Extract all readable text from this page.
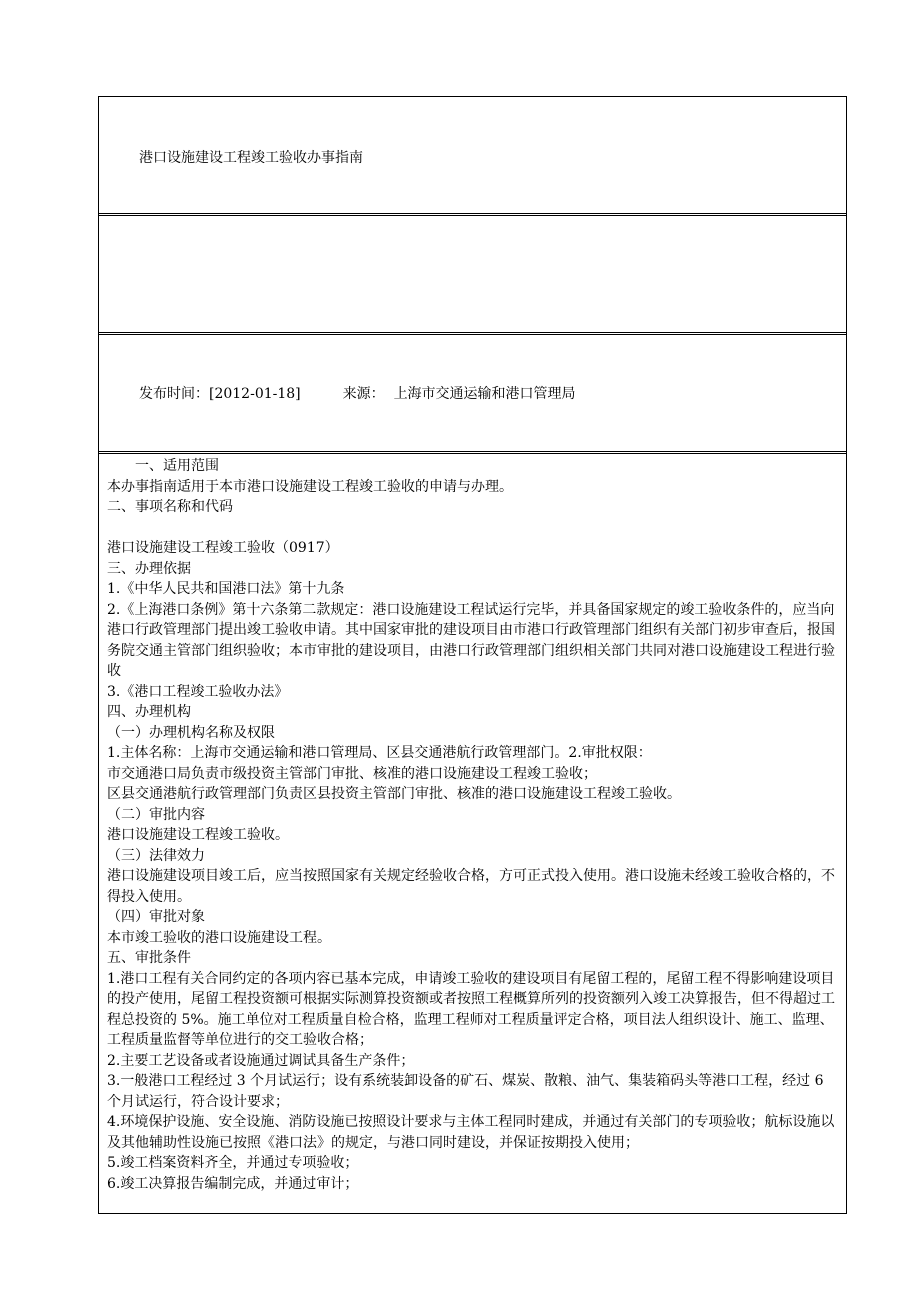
一、适用范围

本办事指南适用于本市港口设施建设工程竣工验收的申请与办理。

二、事项名称和代码

港口设施建设工程竣工验收（0917）

三、办理依据

1.《中华人民共和国港口法》第十九条

2.《上海港口条例》第十六条第二款规定：港口设施建设工程试运行完毕，并具备国家规定的竣工验收条件的，应当向港口行政管理部门提出竣工验收申请。其中国家审批的建设项目由市港口行政管理部门组织有关部门初步审查后，报国务院交通主管部门组织验收；本市审批的建设项目，由港口行政管理部门组织相关部门共同对港口设施建设工程进行验收

3.《港口工程竣工验收办法》

四、办理机构

（一）办理机构名称及权限

1.主体名称：上海市交通运输和港口管理局、区县交通港航行政管理部门。2.审批权限：

市交通港口局负责市级投资主管部门审批、核准的港口设施建设工程竣工验收；

区县交通港航行政管理部门负责区县投资主管部门审批、核准的港口设施建设工程竣工验收。

（二）审批内容

港口设施建设工程竣工验收。

（三）法律效力

港口设施建设项目竣工后，应当按照国家有关规定经验收合格，方可正式投入使用。港口设施未经竣工验收合格的，不得投入使用。

（四）审批对象

本市竣工验收的港口设施建设工程。

五、审批条件

1.港口工程有关合同约定的各项内容已基本完成，申请竣工验收的建设项目有尾留工程的，尾留工程不得影响建设项目的投产使用，尾留工程投资额可根据实际测算投资额或者按照工程概算所列的投资额列入竣工决算报告，但不得超过工程总投资的 5%。施工单位对工程质量自检合格，监理工程师对工程质量评定合格，项目法人组织设计、施工、监理、工程质量监督等单位进行的交工验收合格；

2.主要工艺设备或者设施通过调试具备生产条件；

3.一般港口工程经过 3 个月试运行；设有系统装卸设备的矿石、煤炭、散粮、油气、集装箱码头等港口工程，经过 6 个月试运行，符合设计要求；

4.环境保护设施、安全设施、消防设施已按照设计要求与主体工程同时建成，并通过有关部门的专项验收；航标设施以及其他辅助性设施已按照《港口法》的规定，与港口同时建设，并保证按期投入使用；

5.竣工档案资料齐全，并通过专项验收；

6.竣工决算报告编制完成，并通过审计；

港口设施建设工程竣工验收办事指南
发布时间：[2012-01-18]	来源： 上海市交通运输和港口管理局
